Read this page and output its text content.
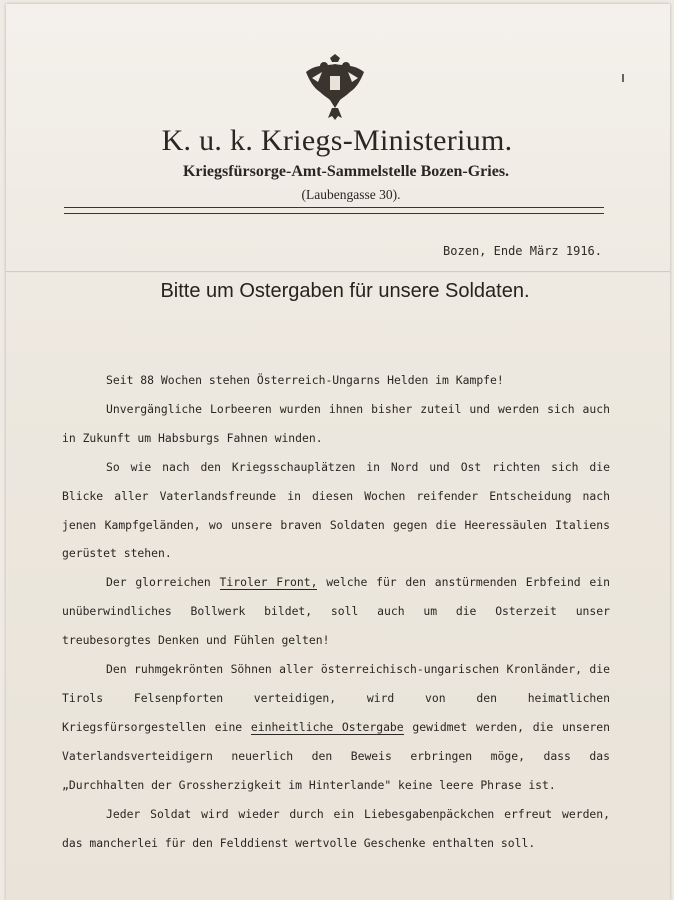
K. u. k. Kriegs-Ministerium.
Kriegsfürsorge-Amt-Sammelstelle Bozen-Gries.
(Laubengasse 30).
Bozen, Ende März 1916.
Bitte um Ostergaben für unsere Soldaten.
Seit 88 Wochen stehen Österreich-Ungarns Helden im Kampfe!
Unvergängliche Lorbeeren wurden ihnen bisher zuteil und werden sich auch in Zukunft um Habsburgs Fahnen winden.
So wie nach den Kriegsschauplätzen in Nord und Ost richten sich die Blicke aller Vaterlandsfreunde in diesen Wochen reifender Entscheidung nach jenen Kampfgeländen, wo unsere braven Soldaten gegen die Heeressäulen Italiens gerüstet stehen.
Der glorreichen Tiroler Front, welche für den anstürmenden Erbfeind ein unüberwindliches Bollwerk bildet, soll auch um die Osterzeit unser treubesorgtes Denken und Fühlen gelten!
Den ruhmgekrönten Söhnen aller österreichisch-ungarischen Kronländer, die Tirols Felsenpforten verteidigen, wird von den heimatlichen Kriegsfürsorgestellen eine einheitliche Ostergabe gewidmet werden, die unseren Vaterlandsverteidigern neuerlich den Beweis erbringen möge, dass das „Durchhalten der Grossherzigkeit im Hinterlande" keine leere Phrase ist.
Jeder Soldat wird wieder durch ein Liebesgabenpäckchen erfreut werden, das mancherlei für den Felddienst wertvolle Geschenke enthalten soll.
